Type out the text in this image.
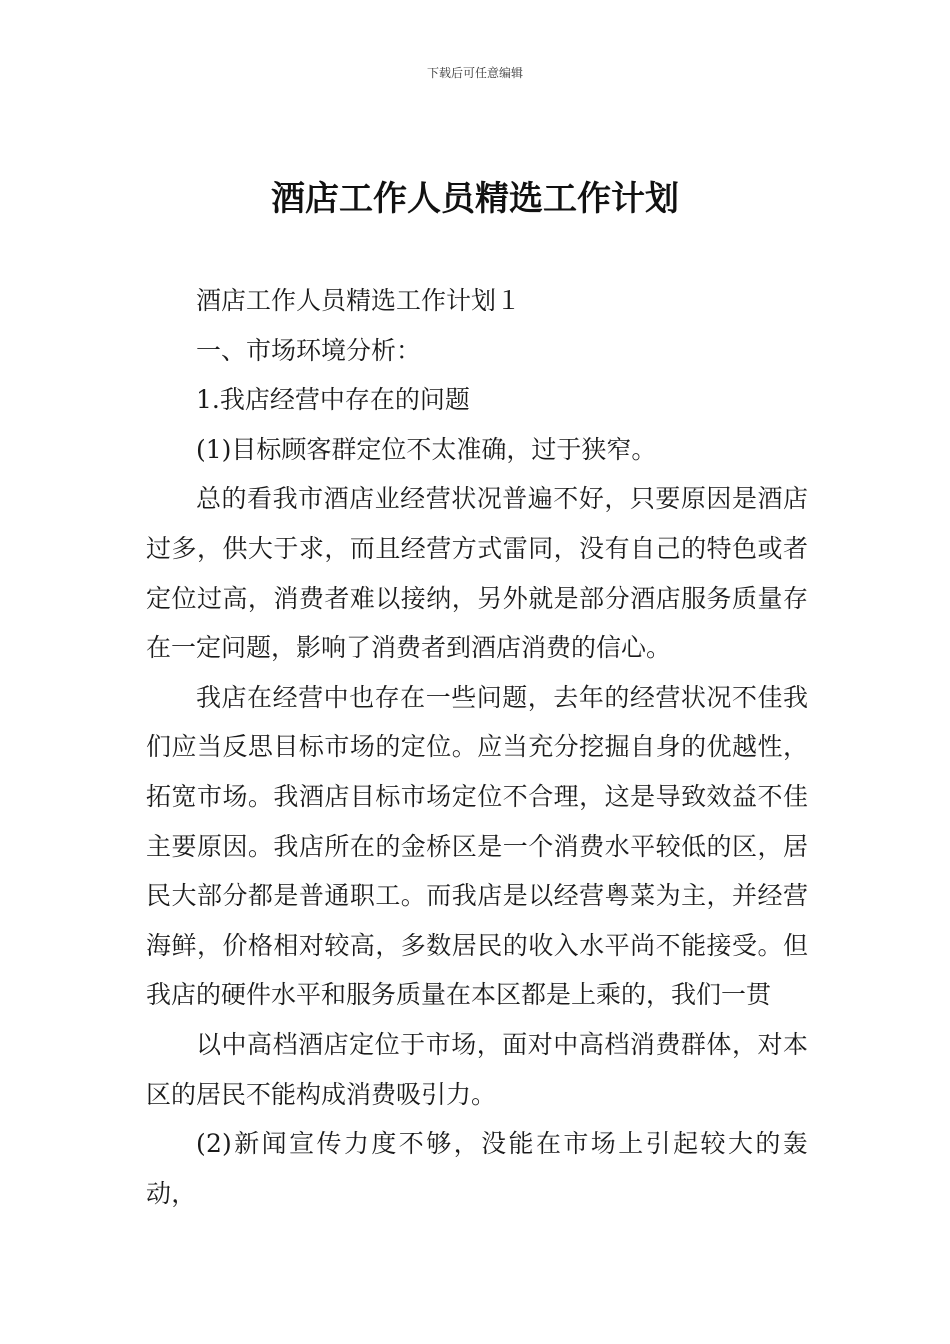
下载后可任意编辑
酒店工作人员精选工作计划

酒店工作人员精选工作计划１

一、市场环境分析：

1.我店经营中存在的问题

(1)目标顾客群定位不太准确，过于狭窄。

总的看我市酒店业经营状况普遍不好，只要原因是酒店过多，供大于求，而且经营方式雷同，没有自己的特色或者定位过高，消费者难以接纳，另外就是部分酒店服务质量存在一定问题，影响了消费者到酒店消费的信心。

我店在经营中也存在一些问题，去年的经营状况不佳我们应当反思目标市场的定位。应当充分挖掘自身的优越性，拓宽市场。我酒店目标市场定位不合理，这是导致效益不佳主要原因。我店所在的金桥区是一个消费水平较低的区，居民大部分都是普通职工。而我店是以经营粤菜为主，并经营海鲜，价格相对较高，多数居民的收入水平尚不能接受。但我店的硬件水平和服务质量在本区都是上乘的，我们一贯

以中高档酒店定位于市场，面对中高档消费群体，对本区的居民不能构成消费吸引力。

(2)新闻宣传力度不够，没能在市场上引起较大的轰动，
